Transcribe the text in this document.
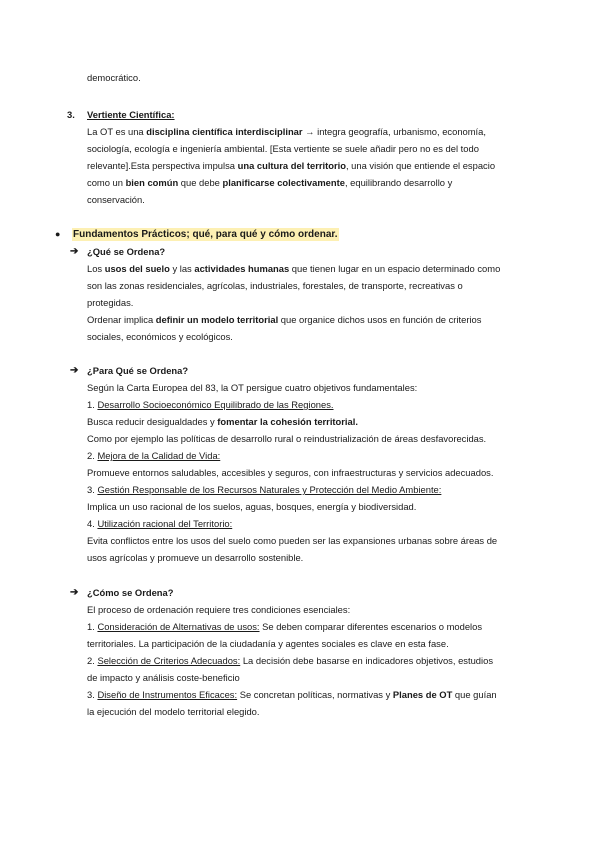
democrático.
3. Vertiente Científica:
La OT es una disciplina científica interdisciplinar → integra geografía, urbanismo, economía,
sociología, ecología e ingeniería ambiental. [Esta vertiente se suele añadir pero no es del todo
relevante].Esta perspectiva impulsa una cultura del territorio, una visión que entiende el espacio
como un bien común que debe planificarse colectivamente, equilibrando desarrollo y
conservación.
● Fundamentos Prácticos; qué, para qué y cómo ordenar.
➔ ¿Qué se Ordena?
Los usos del suelo y las actividades humanas que tienen lugar en un espacio determinado como
son las zonas residenciales, agrícolas, industriales, forestales, de transporte, recreativas o
protegidas.
Ordenar implica definir un modelo territorial que organice dichos usos en función de criterios
sociales, económicos y ecológicos.
➔ ¿Para Qué se Ordena?
Según la Carta Europea del 83, la OT persigue cuatro objetivos fundamentales:
1. Desarrollo Socioeconómico Equilibrado de las Regiones.
Busca reducir desigualdades y fomentar la cohesión territorial.
Como por ejemplo las políticas de desarrollo rural o reindustrialización de áreas desfavorecidas.
2. Mejora de la Calidad de Vida:
Promueve entornos saludables, accesibles y seguros, con infraestructuras y servicios adecuados.
3. Gestión Responsable de los Recursos Naturales y Protección del Medio Ambiente:
Implica un uso racional de los suelos, aguas, bosques, energía y biodiversidad.
4. Utilización racional del Territorio:
Evita conflictos entre los usos del suelo como pueden ser las expansiones urbanas sobre áreas de
usos agrícolas y promueve un desarrollo sostenible.
➔ ¿Cómo se Ordena?
El proceso de ordenación requiere tres condiciones esenciales:
1. Consideración de Alternativas de usos: Se deben comparar diferentes escenarios o modelos
territoriales. La participación de la ciudadanía y agentes sociales es clave en esta fase.
2. Selección de Criterios Adecuados: La decisión debe basarse en indicadores objetivos, estudios
de impacto y análisis coste-beneficio
3. Diseño de Instrumentos Eficaces: Se concretan políticas, normativas y Planes de OT que guían
la ejecución del modelo territorial elegido.
